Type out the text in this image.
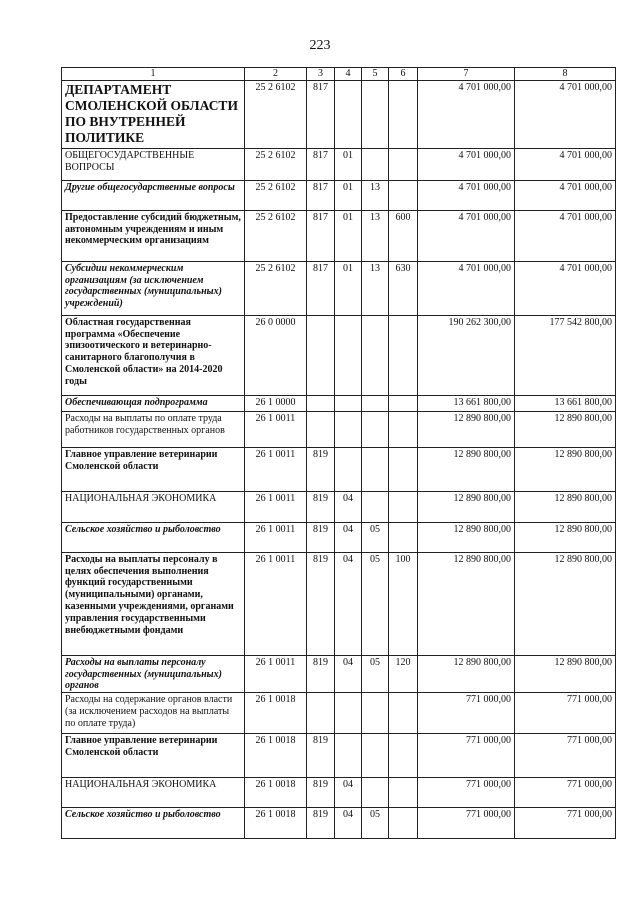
223
1	2	3	4	5	6	7	8
ДЕПАРТАМЕНТ СМОЛЕНСКОЙ ОБЛАСТИ ПО ВНУТРЕННЕЙ ПОЛИТИКЕ	25 2 6102	817				4 701 000,00	4 701 000,00
ОБЩЕГОСУДАРСТВЕННЫЕ ВОПРОСЫ	25 2 6102	817	01			4 701 000,00	4 701 000,00
Другие общегосударственные вопросы	25 2 6102	817	01	13		4 701 000,00	4 701 000,00
Предоставление субсидий бюджетным, автономным учреждениям и иным некоммерческим организациям	25 2 6102	817	01	13	600	4 701 000,00	4 701 000,00
Субсидии некоммерческим организациям (за исключением государственных (муниципальных) учреждений)	25 2 6102	817	01	13	630	4 701 000,00	4 701 000,00
Областная государственная программа «Обеспечение эпизоотического и ветеринарно-санитарного благополучия в Смоленской области» на 2014-2020 годы	26 0 0000					190 262 300,00	177 542 800,00
Обеспечивающая подпрограмма	26 1 0000					13 661 800,00	13 661 800,00
Расходы на выплаты по оплате труда работников государственных органов	26 1 0011					12 890 800,00	12 890 800,00
Главное управление ветеринарии Смоленской области	26 1 0011	819				12 890 800,00	12 890 800,00
НАЦИОНАЛЬНАЯ ЭКОНОМИКА	26 1 0011	819	04			12 890 800,00	12 890 800,00
Сельское хозяйство и рыболовство	26 1 0011	819	04	05		12 890 800,00	12 890 800,00
Расходы на выплаты персоналу в целях обеспечения выполнения функций государственными (муниципальными) органами, казенными учреждениями, органами управления государственными внебюджетными фондами	26 1 0011	819	04	05	100	12 890 800,00	12 890 800,00
Расходы на выплаты персоналу государственных (муниципальных) органов	26 1 0011	819	04	05	120	12 890 800,00	12 890 800,00
Расходы на содержание органов власти (за исключением расходов на выплаты по оплате труда)	26 1 0018					771 000,00	771 000,00
Главное управление ветеринарии Смоленской области	26 1 0018	819				771 000,00	771 000,00
НАЦИОНАЛЬНАЯ ЭКОНОМИКА	26 1 0018	819	04			771 000,00	771 000,00
Сельское хозяйство и рыболовство	26 1 0018	819	04	05		771 000,00	771 000,00
